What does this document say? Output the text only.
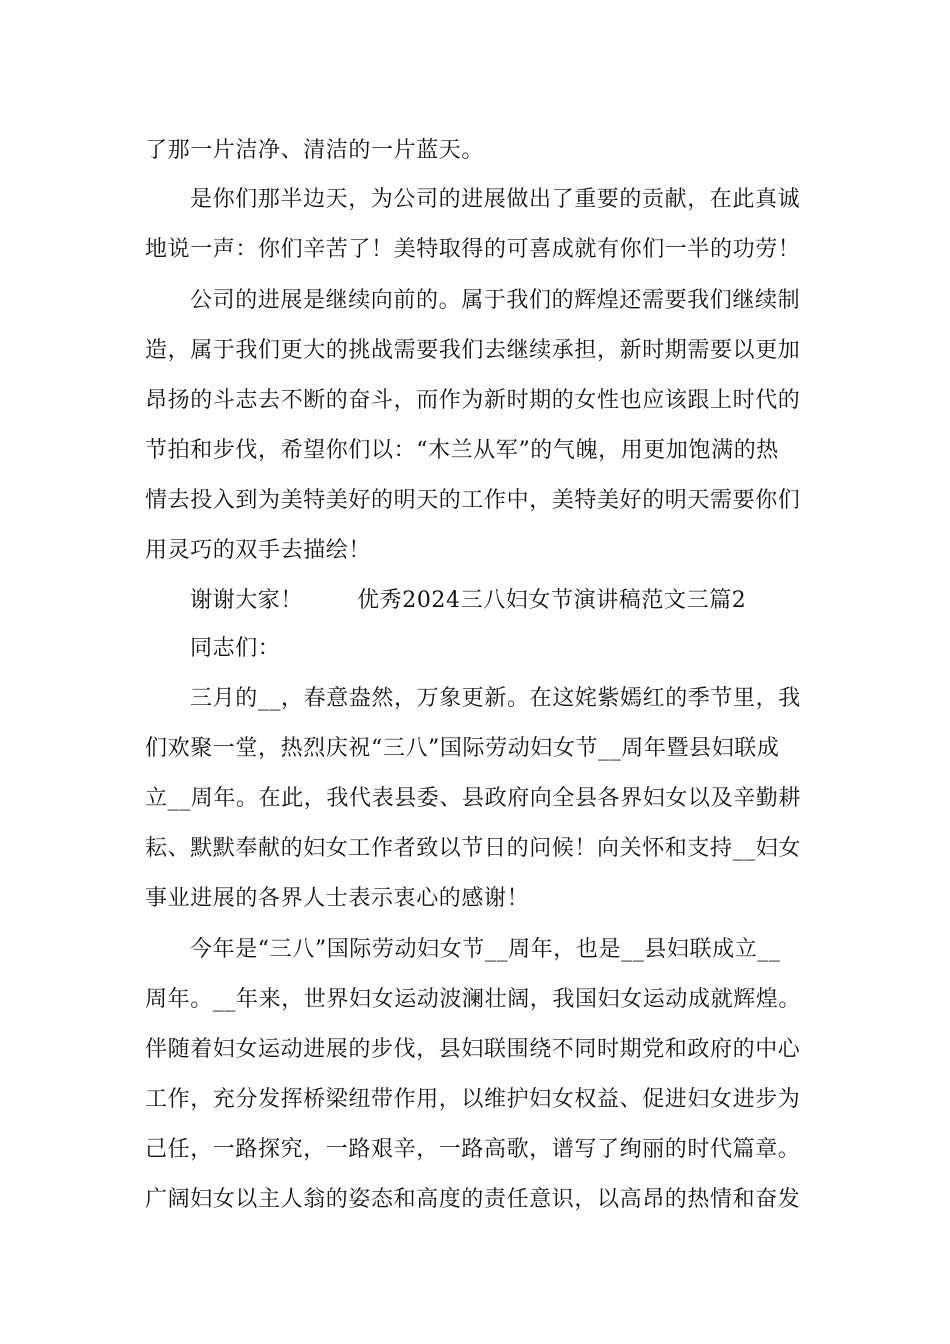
了那一片洁净、清洁的一片蓝天。
是你们那半边天，为公司的进展做出了重要的贡献，在此真诚
地说一声：你们辛苦了！美特取得的可喜成就有你们一半的功劳！
公司的进展是继续向前的。属于我们的辉煌还需要我们继续制
造，属于我们更大的挑战需要我们去继续承担，新时期需要以更加
昂扬的斗志去不断的奋斗，而作为新时期的女性也应该跟上时代的
节拍和步伐，希望你们以：“木兰从军”的气魄，用更加饱满的热
情去投入到为美特美好的明天的工作中，美特美好的明天需要你们
用灵巧的双手去描绘！
谢谢大家！ 优秀2024三八妇女节演讲稿范文三篇2
同志们：
三月的__，春意盎然，万象更新。在这姹紫嫣红的季节里，我
们欢聚一堂，热烈庆祝“三八”国际劳动妇女节__周年暨县妇联成
立__周年。在此，我代表县委、县政府向全县各界妇女以及辛勤耕
耘、默默奉献的妇女工作者致以节日的问候！向关怀和支持__妇女
事业进展的各界人士表示衷心的感谢！
今年是“三八”国际劳动妇女节__周年，也是__县妇联成立__
周年。__年来，世界妇女运动波澜壮阔，我国妇女运动成就辉煌。
伴随着妇女运动进展的步伐，县妇联围绕不同时期党和政府的中心
工作，充分发挥桥梁纽带作用，以维护妇女权益、促进妇女进步为
己任，一路探究，一路艰辛，一路高歌，谱写了绚丽的时代篇章。
广阔妇女以主人翁的姿态和高度的责任意识，以高昂的热情和奋发
